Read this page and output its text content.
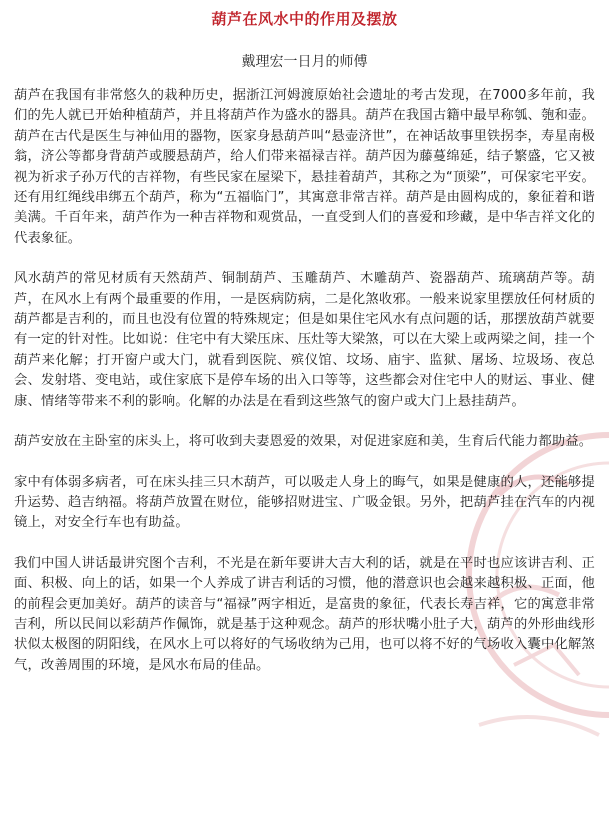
葫芦在风水中的作用及摆放
戴理宏一日月的师傅

葫芦在我国有非常悠久的栽种历史，据浙江河姆渡原始社会遗址的考古发现，在7000多年前，我们的先人就已开始种植葫芦，并且将葫芦作为盛水的器具。葫芦在我国古籍中最早称瓠、匏和壶。葫芦在古代是医生与神仙用的器物，医家身悬葫芦叫“悬壶济世”，在神话故事里铁拐李，寿星南极翁，济公等都身背葫芦或腰悬葫芦，给人们带来福禄吉祥。葫芦因为藤蔓绵延，结子繁盛，它又被视为祈求子孙万代的吉祥物，有些民家在屋梁下，悬挂着葫芦，其称之为“顶梁”，可保家宅平安。还有用红绳线串绑五个葫芦，称为“五福临门”，其寓意非常吉祥。葫芦是由圆构成的，象征着和谐美满。千百年来，葫芦作为一种吉祥物和观赏品，一直受到人们的喜爱和珍藏，是中华吉祥文化的代表象征。

风水葫芦的常见材质有天然葫芦、铜制葫芦、玉雕葫芦、木雕葫芦、瓷器葫芦、琉璃葫芦等。葫芦，在风水上有两个最重要的作用，一是医病防病，二是化煞收邪。一般来说家里摆放任何材质的葫芦都是吉利的，而且也没有位置的特殊规定；但是如果住宅风水有点问题的话，那摆放葫芦就要有一定的针对性。比如说：住宅中有大梁压床、压灶等大梁煞，可以在大梁上或两梁之间，挂一个葫芦来化解；打开窗户或大门，就看到医院、殡仪馆、坟场、庙宇、监狱、屠场、垃圾场、夜总会、发射塔、变电站，或住家底下是停车场的出入口等等，这些都会对住宅中人的财运、事业、健康、情绪等带来不利的影响。化解的办法是在看到这些煞气的窗户或大门上悬挂葫芦。

葫芦安放在主卧室的床头上，将可收到夫妻恩爱的效果，对促进家庭和美，生育后代能力都助益。

家中有体弱多病者，可在床头挂三只木葫芦，可以吸走人身上的晦气，如果是健康的人，还能够提升运势、趋吉纳福。将葫芦放置在财位，能够招财进宝、广吸金银。另外，把葫芦挂在汽车的内视镜上，对安全行车也有助益。

我们中国人讲话最讲究图个吉利，不光是在新年要讲大吉大利的话，就是在平时也应该讲吉利、正面、积极、向上的话，如果一个人养成了讲吉利话的习惯，他的潜意识也会越来越积极、正面，他的前程会更加美好。葫芦的读音与“福禄”两字相近，是富贵的象征，代表长寿吉祥，它的寓意非常吉利，所以民间以彩葫芦作佩饰，就是基于这种观念。葫芦的形状嘴小肚子大，葫芦的外形曲线形状似太极图的阴阳线，在风水上可以将好的气场收纳为己用，也可以将不好的气场收入囊中化解煞气，改善周围的环境，是风水布局的佳品。
